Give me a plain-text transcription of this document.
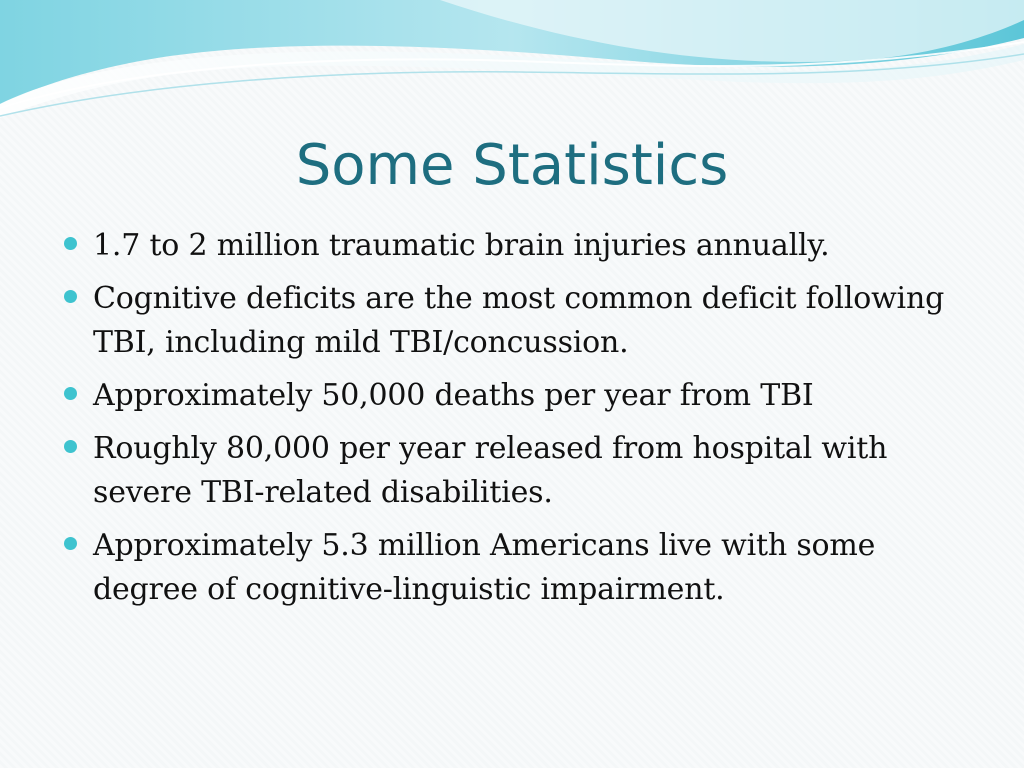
Some Statistics
1.7 to 2 million traumatic brain injuries annually.
Cognitive deficits are the most common deficit following TBI, including mild TBI/concussion.
Approximately 50,000 deaths per year from TBI
Roughly 80,000 per year released from hospital with severe TBI-related disabilities.
Approximately 5.3 million Americans live with some degree of cognitive-linguistic impairment.
